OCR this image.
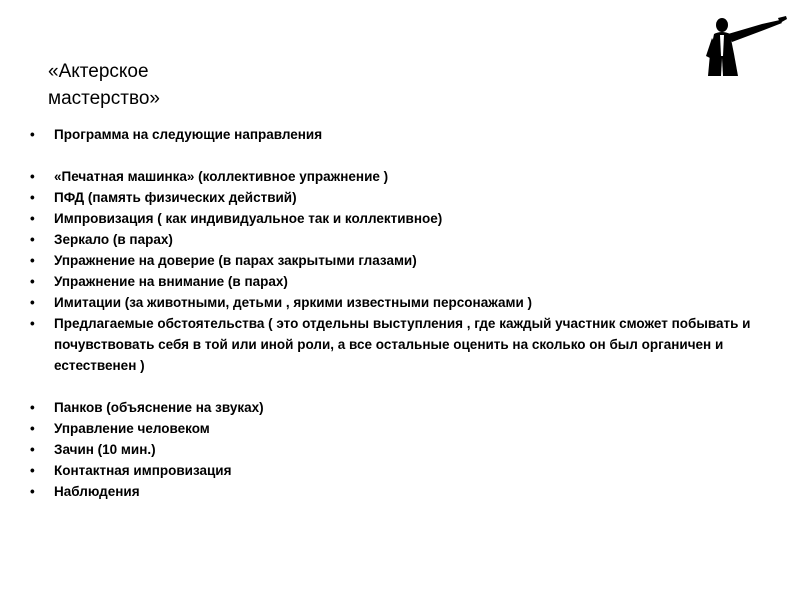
«Актерское
мастерство»
• Программа на следующие направления
• «Печатная машинка» (коллективное упражнение )
• ПФД (память физических действий)
• Импровизация ( как индивидуальное так и коллективное)
• Зеркало (в парах)
• Упражнение на доверие (в парах закрытыми глазами)
• Упражнение на внимание (в парах)
• Имитации (за животными, детьми , яркими известными персонажами )
• Предлагаемые обстоятельства ( это отдельны выступления , где каждый участник сможет побывать и почувствовать себя в той или иной роли, а все остальные оценить на сколько он был органичен и естественен )
• Панков (объяснение на звуках)
• Управление человеком
• Зачин (10 мин.)
• Контактная импровизация
• Наблюдения
